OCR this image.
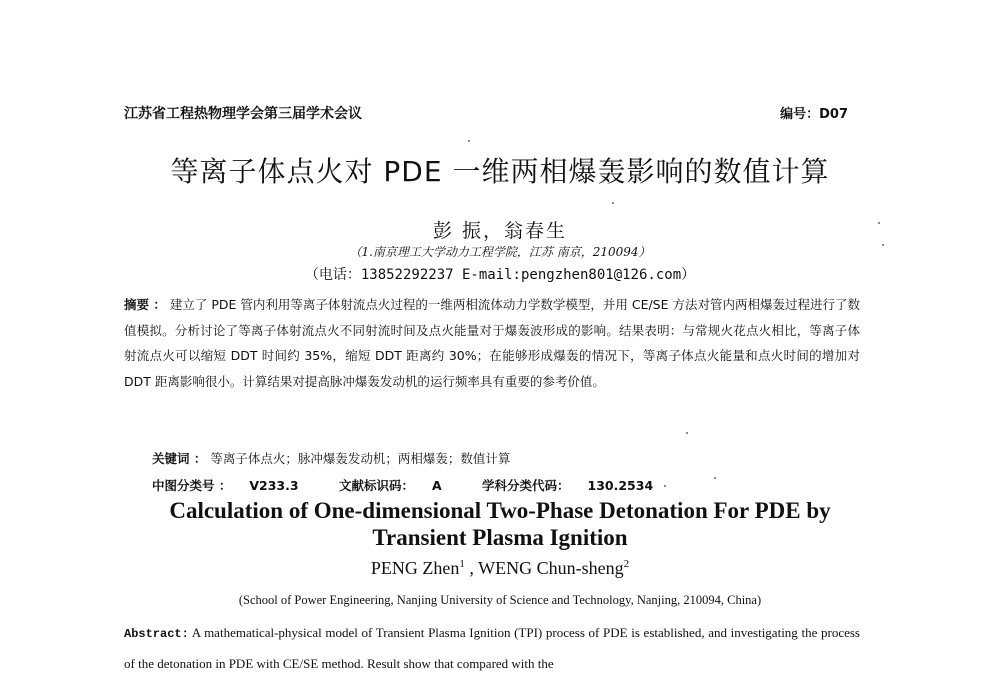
江苏省工程热物理学会第三届学术会议	编号：D07
等离子体点火对 PDE 一维两相爆轰影响的数值计算
彭 振，翁春生
（1.南京理工大学动力工程学院，江苏 南京，210094）
（电话：13852292237 E-mail:pengzhen801@126.com）
摘要 ： 建立了 PDE 管内利用等离子体射流点火过程的一维两相流体动力学数学模型，并用 CE/SE 方法对管内两相爆轰过程进行了数值模拟。分析讨论了等离子体射流点火不同射流时间及点火能量对于爆轰波形成的影响。结果表明：与常规火花点火相比，等离子体射流点火可以缩短 DDT 时间约 35%，缩短 DDT 距离约 30%；在能够形成爆轰的情况下，等离子体点火能量和点火时间的增加对 DDT 距离影响很小。计算结果对提高脉冲爆轰发动机的运行频率具有重要的参考价值。
关键词 ： 等离子体点火；脉冲爆轰发动机；两相爆轰；数值计算
中图分类号 ： V233.3	文献标识码： A	学科分类代码： 130.2534
Calculation of One-dimensional Two-Phase Detonation For PDE by
Transient Plasma Ignition
PENG Zhen$^1$ , WENG Chun-sheng$^2$
(School of Power Engineering, Nanjing University of Science and Technology, Nanjing, 210094, China)
Abstract: A mathematical-physical model of Transient Plasma Ignition (TPI) process of PDE is established, and investigating the process of the detonation in PDE with CE/SE method. Result show that compared with the
